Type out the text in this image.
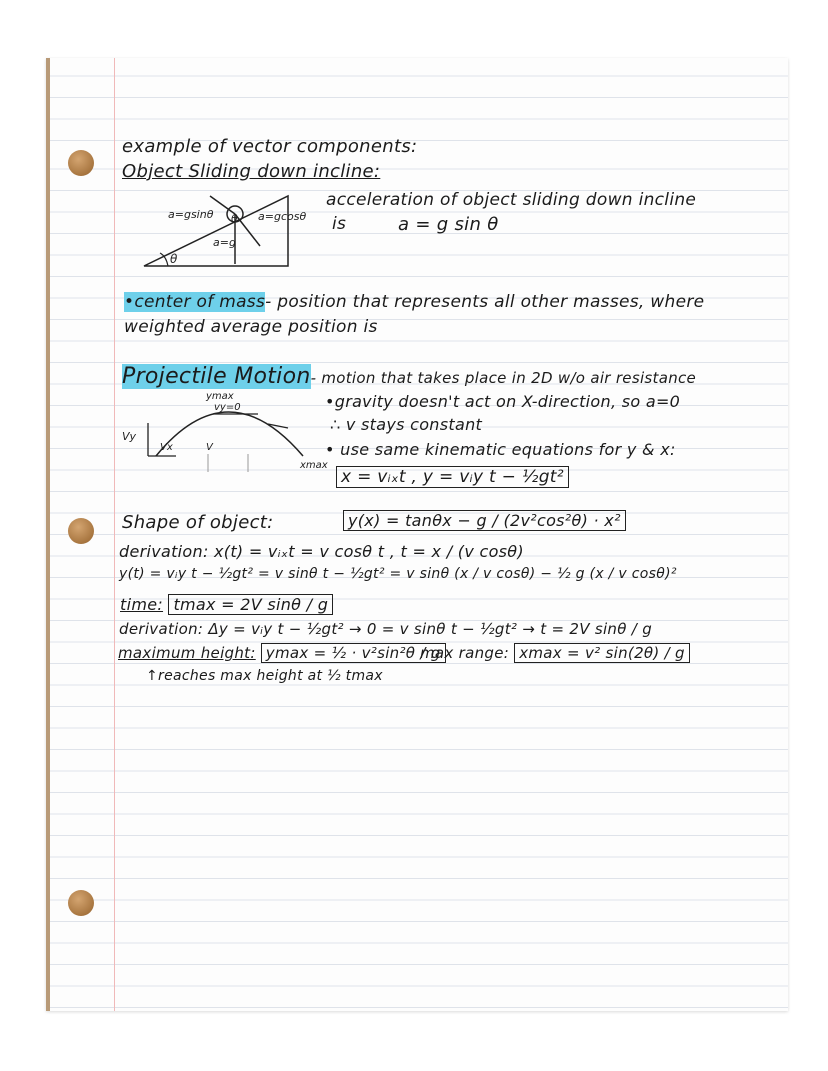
example of vector components:
Object Sliding down incline:
a=gsinθ	a=gcosθ
a=g
θ
θ
acceleration of object sliding down incline
is	a = g sin θ
•center of mass- position that represents all other masses, where
weighted average position is
Projectile Motion- motion that takes place in 2D w/o air resistance
ymax
vy=0
Vy
Vx	V
xmax
•gravity doesn't act on X-direction, so a=0
∴ v stays constant
• use same kinematic equations for y & x:
x = vᵢₓt , y = vᵢy t − ½gt²
Shape of object:	y(x) = tanθx − g / (2v²cos²θ) · x²
derivation: x(t) = vᵢₓt = v cosθ t , t = x / (v cosθ)
y(t) = vᵢy t − ½gt² = v sinθ t − ½gt² = v sinθ (x / v cosθ) − ½ g (x / v cosθ)²
time: tmax = 2V sinθ / g
derivation: Δy = vᵢy t − ½gt² → 0 = v sinθ t − ½gt² → t = 2V sinθ / g
maximum height: ymax = ½ · v²sin²θ / g
max range: xmax = v² sin(2θ) / g
↑reaches max height at ½ tmax
